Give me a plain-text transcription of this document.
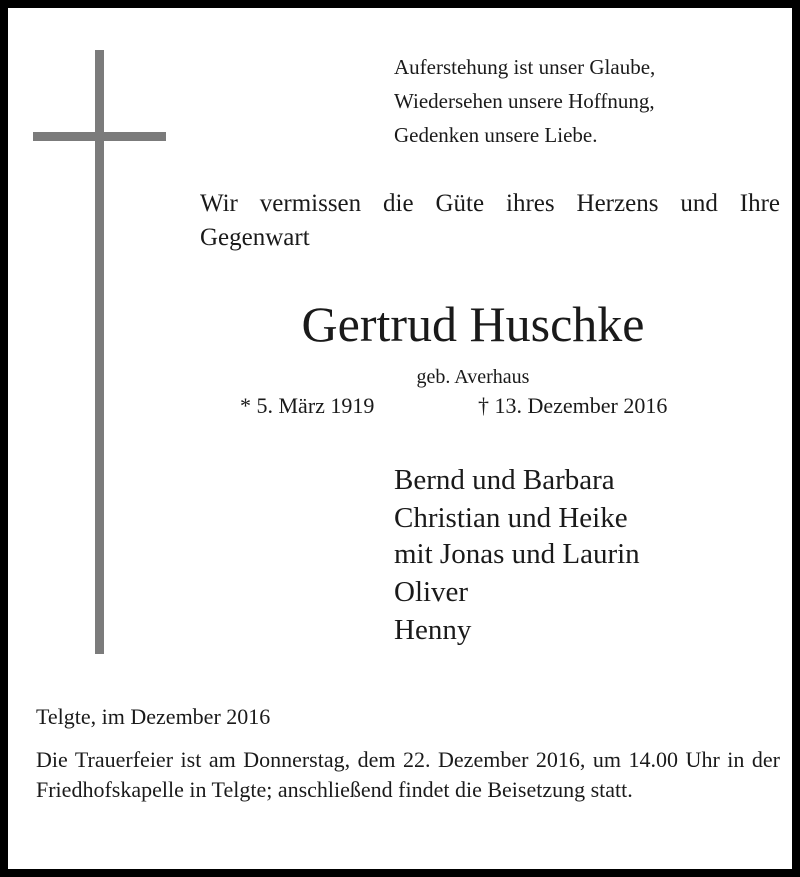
Auferstehung ist unser Glaube,
Wiedersehen unsere Hoffnung,
Gedenken unsere Liebe.
Wir vermissen die Güte ihres Herzens und Ihre Gegenwart
Gertrud Huschke
geb. Averhaus
* 5. März 1919	† 13. Dezember 2016
Bernd und Barbara
Christian und Heike
mit Jonas und Laurin
Oliver
Henny
Telgte, im Dezember 2016
Die Trauerfeier ist am Donnerstag, dem 22. Dezember 2016, um 14.00 Uhr in der Friedhofskapelle in Telgte; anschließend findet die Beisetzung statt.
